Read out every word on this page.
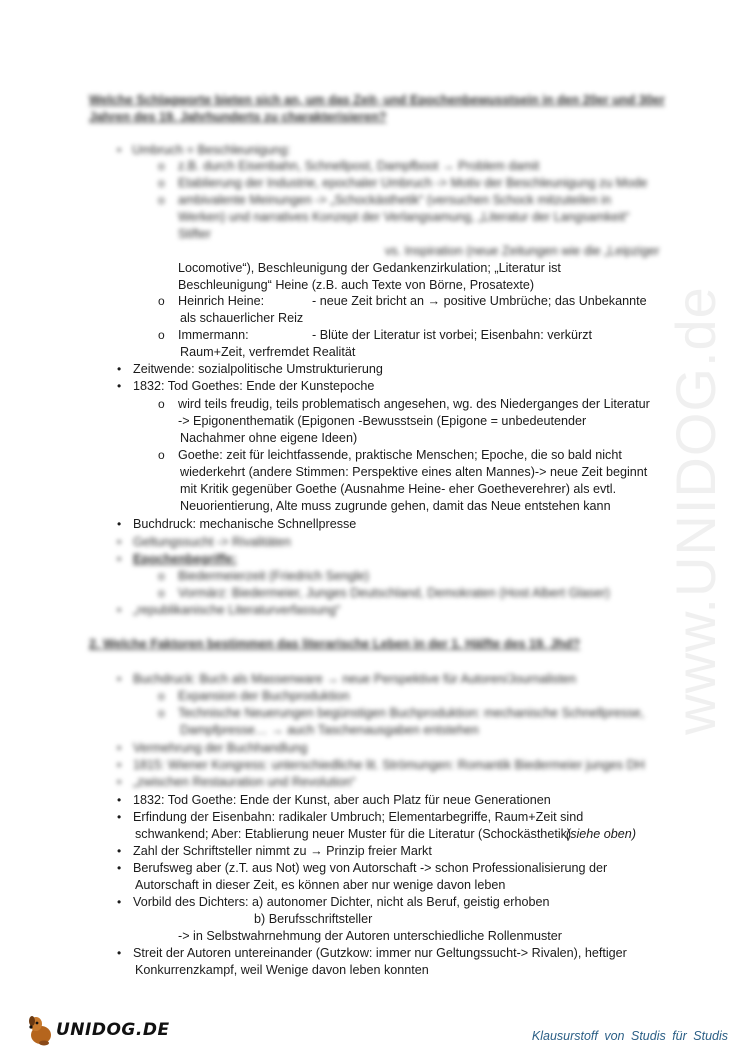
www.UNIDOG.de
Welche Schlagworte bieten sich an, um das Zeit- und Epochenbewusstsein in den 20er und 30er
Jahren des 19. Jahrhunderts zu charakterisieren?
• Umbruch = Beschleunigung:
o z.B. durch Eisenbahn, Schnellpost, Dampfboot → Problem damit
o Etablierung der Industrie, epochaler Umbruch -> Motiv der Beschleunigung zu Mode
o ambivalente Meinungen -> „Schockästhetik“ (versuchen Schock mitzuteilen in
Werken) und narratives Konzept der Verlangsamung, „Literatur der Langsamkeit“
Stifter
vs. Inspiration (neue Zeitungen wie die „Leipziger
Locomotive“), Beschleunigung der Gedankenzirkulation; „Literatur ist
Beschleunigung“ Heine (z.B. auch Texte von Börne, Prosatexte)
o Heinrich Heine:	- neue Zeit bricht an → positive Umbrüche; das Unbekannte
als schauerlicher Reiz
o Immermann:	- Blüte der Literatur ist vorbei; Eisenbahn: verkürzt
Raum+Zeit, verfremdet Realität
• Zeitwende: sozialpolitische Umstrukturierung
• 1832: Tod Goethes: Ende der Kunstepoche
o wird teils freudig, teils problematisch angesehen, wg. des Niederganges der Literatur
-> Epigonenthematik (Epigonen -Bewusstsein (Epigone = unbedeutender
Nachahmer ohne eigene Ideen)
o Goethe: zeit für leichtfassende, praktische Menschen; Epoche, die so bald nicht
wiederkehrt (andere Stimmen: Perspektive eines alten Mannes)-> neue Zeit beginnt
mit Kritik gegenüber Goethe (Ausnahme Heine- eher Goetheverehrer) als evtl.
Neuorientierung, Alte muss zugrunde gehen, damit das Neue entstehen kann
• Buchdruck: mechanische Schnellpresse
• Geltungssucht -> Rivalitäten
• Epochenbegriffe:
o Biedermeierzeit (Friedrich Sengle)
o Vormärz: Biedermeier, Junges Deutschland, Demokraten (Host Albert Glaser)
• „republikanische Literaturverfassung“
2. Welche Faktoren bestimmen das literarische Leben in der 1. Hälfte des 19. Jhd?
• Buchdruck: Buch als Massenware → neue Perspektive für Autoren/Journalisten
o Expansion der Buchproduktion
o Technische Neuerungen begünstigen Buchproduktion: mechanische Schnellpresse,
Dampfpresse… → auch Taschenausgaben entstehen
• Vermehrung der Buchhandlung
• 1815: Wiener Kongress: unterschiedliche lit. Strömungen: Romantik Biedermeier junges DH
• „zwischen Restauration und Revolution“
• 1832: Tod Goethe: Ende der Kunst, aber auch Platz für neue Generationen
• Erfindung der Eisenbahn: radikaler Umbruch; Elementarbegriffe, Raum+Zeit sind
schwankend; Aber: Etablierung neuer Muster für die Literatur (Schockästhetik)
(siehe oben)
• Zahl der Schriftsteller nimmt zu → Prinzip freier Markt
• Berufsweg aber (z.T. aus Not) weg von Autorschaft -> schon Professionalisierung der
Autorschaft in dieser Zeit, es können aber nur wenige davon leben
• Vorbild des Dichters: a) autonomer Dichter, nicht als Beruf, geistig erhoben
b) Berufsschriftsteller
-> in Selbstwahrnehmung der Autoren unterschiedliche Rollenmuster
• Streit der Autoren untereinander (Gutzkow: immer nur Geltungssucht-> Rivalen), heftiger
Konkurrenzkampf, weil Wenige davon leben konnten
UNIDOG.DE	Klausurstoff von Studis für Studis
